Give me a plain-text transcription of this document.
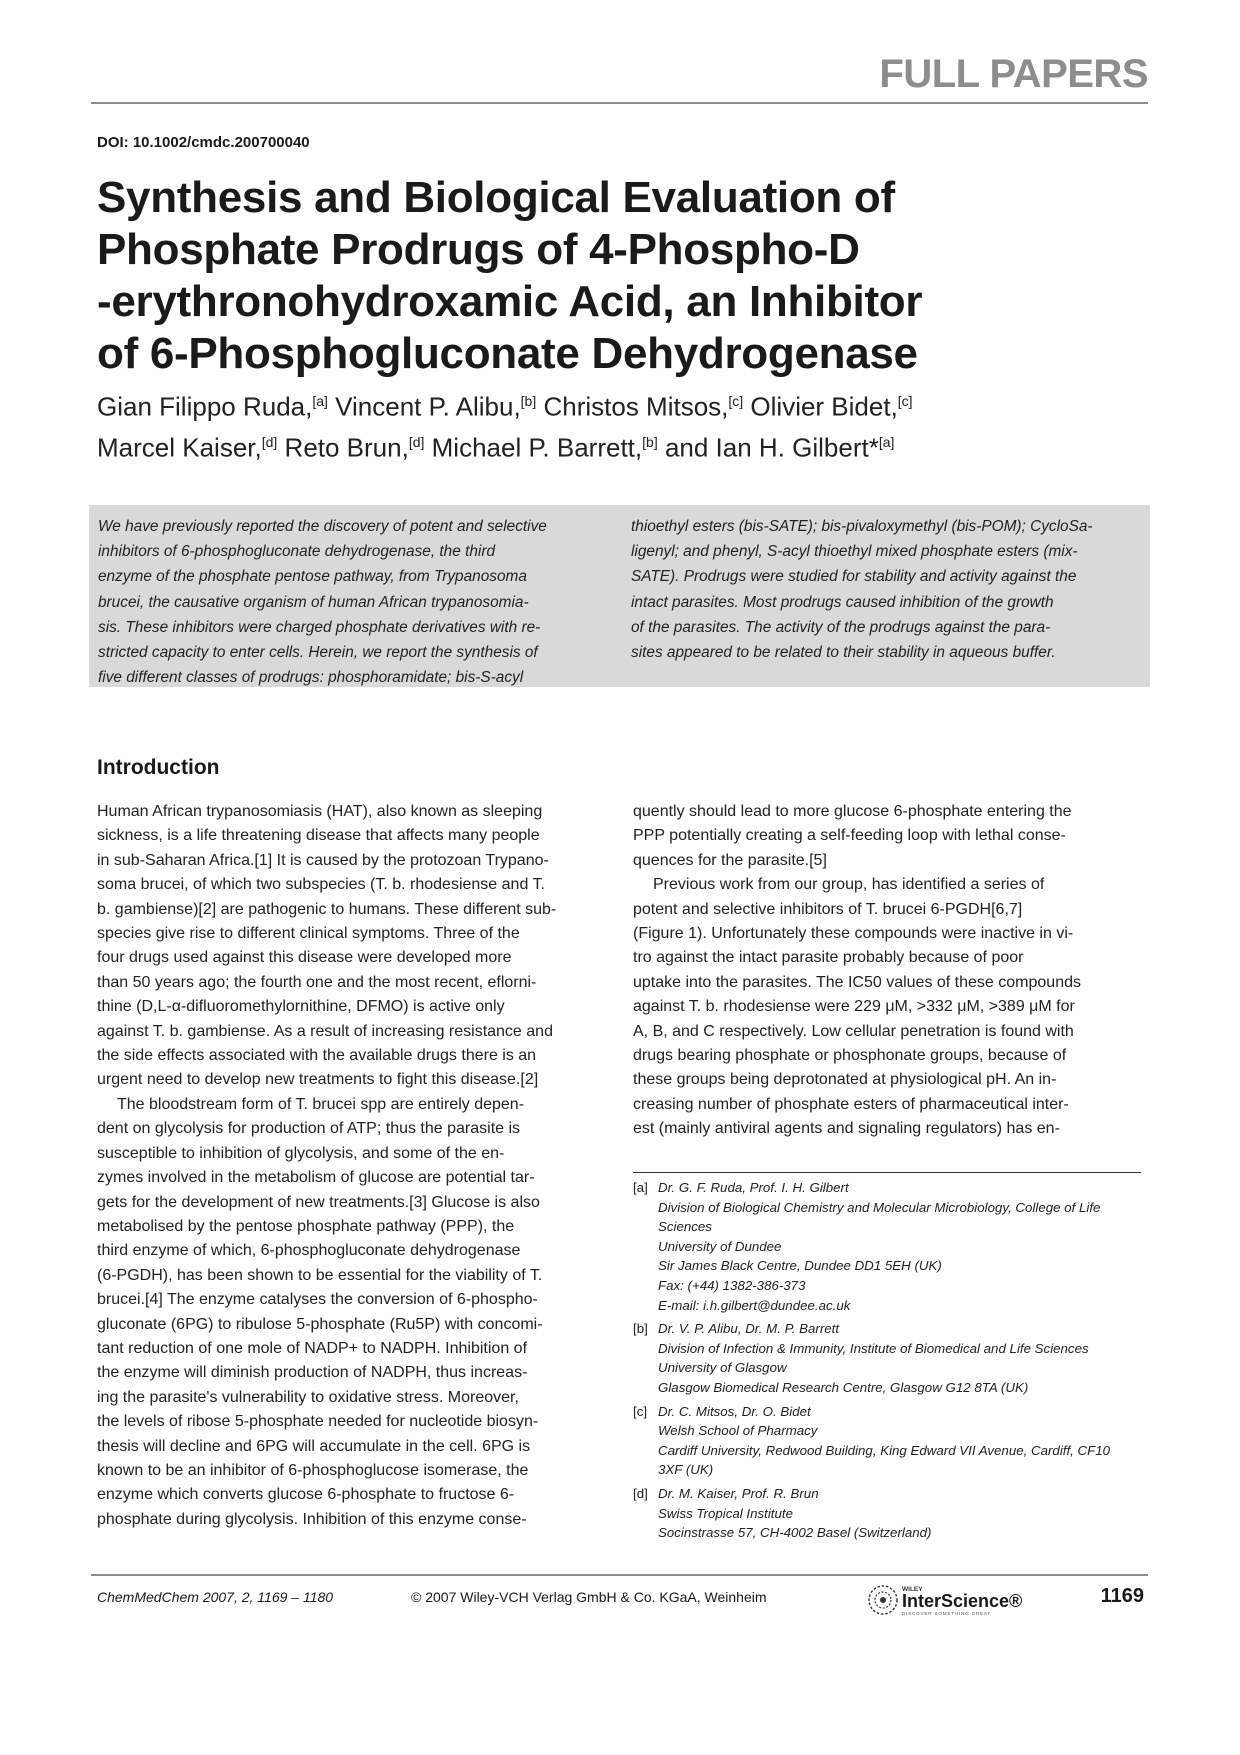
FULL PAPERS
DOI: 10.1002/cmdc.200700040
Synthesis and Biological Evaluation of
Phosphate Prodrugs of 4-Phospho-D
-erythronohydroxamic Acid, an Inhibitor
of 6-Phosphogluconate Dehydrogenase
Gian Filippo Ruda,[a] Vincent P. Alibu,[b] Christos Mitsos,[c] Olivier Bidet,[c]
Marcel Kaiser,[d] Reto Brun,[d] Michael P. Barrett,[b] and Ian H. Gilbert*[a]
We have previously reported the discovery of potent and selective
inhibitors of 6-phosphogluconate dehydrogenase, the third
enzyme of the phosphate pentose pathway, from Trypanosoma
brucei, the causative organism of human African trypanosomia-
sis. These inhibitors were charged phosphate derivatives with re-
stricted capacity to enter cells. Herein, we report the synthesis of
five different classes of prodrugs: phosphoramidate; bis-S-acyl
thioethyl esters (bis-SATE); bis-pivaloxymethyl (bis-POM); CycloSa-
ligenyl; and phenyl, S-acyl thioethyl mixed phosphate esters (mix-
SATE). Prodrugs were studied for stability and activity against the
intact parasites. Most prodrugs caused inhibition of the growth
of the parasites. The activity of the prodrugs against the para-
sites appeared to be related to their stability in aqueous buffer.
Introduction
Human African trypanosomiasis (HAT), also known as sleeping
sickness, is a life threatening disease that affects many people
in sub-Saharan Africa.[1] It is caused by the protozoan Trypano-
soma brucei, of which two subspecies (T. b. rhodesiense and T.
b. gambiense)[2] are pathogenic to humans. These different sub-
species give rise to different clinical symptoms. Three of the
four drugs used against this disease were developed more
than 50 years ago; the fourth one and the most recent, eflorni-
thine (D,L-α-difluoromethylornithine, DFMO) is active only
against T. b. gambiense. As a result of increasing resistance and
the side effects associated with the available drugs there is an
urgent need to develop new treatments to fight this disease.[2]
The bloodstream form of T. brucei spp are entirely depen-
dent on glycolysis for production of ATP; thus the parasite is
susceptible to inhibition of glycolysis, and some of the en-
zymes involved in the metabolism of glucose are potential tar-
gets for the development of new treatments.[3] Glucose is also
metabolised by the pentose phosphate pathway (PPP), the
third enzyme of which, 6-phosphogluconate dehydrogenase
(6-PGDH), has been shown to be essential for the viability of T.
brucei.[4] The enzyme catalyses the conversion of 6-phospho-
gluconate (6PG) to ribulose 5-phosphate (Ru5P) with concomi-
tant reduction of one mole of NADP+ to NADPH. Inhibition of
the enzyme will diminish production of NADPH, thus increas-
ing the parasite's vulnerability to oxidative stress. Moreover,
the levels of ribose 5-phosphate needed for nucleotide biosyn-
thesis will decline and 6PG will accumulate in the cell. 6PG is
known to be an inhibitor of 6-phosphoglucose isomerase, the
enzyme which converts glucose 6-phosphate to fructose 6-
phosphate during glycolysis. Inhibition of this enzyme conse-
quently should lead to more glucose 6-phosphate entering the
PPP potentially creating a self-feeding loop with lethal conse-
quences for the parasite.[5]
Previous work from our group, has identified a series of
potent and selective inhibitors of T. brucei 6-PGDH[6,7]
(Figure 1). Unfortunately these compounds were inactive in vi-
tro against the intact parasite probably because of poor
uptake into the parasites. The IC50 values of these compounds
against T. b. rhodesiense were 229 μM, >332 μM, >389 μM for
A, B, and C respectively. Low cellular penetration is found with
drugs bearing phosphate or phosphonate groups, because of
these groups being deprotonated at physiological pH. An in-
creasing number of phosphate esters of pharmaceutical inter-
est (mainly antiviral agents and signaling regulators) has en-
[a] Dr. G. F. Ruda, Prof. I. H. Gilbert
Division of Biological Chemistry and Molecular Microbiology, College of Life
Sciences
University of Dundee
Sir James Black Centre, Dundee DD1 5EH (UK)
Fax: (+44) 1382-386-373
E-mail: i.h.gilbert@dundee.ac.uk
[b] Dr. V. P. Alibu, Dr. M. P. Barrett
Division of Infection & Immunity, Institute of Biomedical and Life Sciences
University of Glasgow
Glasgow Biomedical Research Centre, Glasgow G12 8TA (UK)
[c] Dr. C. Mitsos, Dr. O. Bidet
Welsh School of Pharmacy
Cardiff University, Redwood Building, King Edward VII Avenue, Cardiff, CF10
3XF (UK)
[d] Dr. M. Kaiser, Prof. R. Brun
Swiss Tropical Institute
Socinstrasse 57, CH-4002 Basel (Switzerland)
ChemMedChem 2007, 2, 1169 – 1180	© 2007 Wiley-VCH Verlag GmbH & Co. KGaA, Weinheim	WILEY
InterScience®
DISCOVER SOMETHING GREAT
1169
